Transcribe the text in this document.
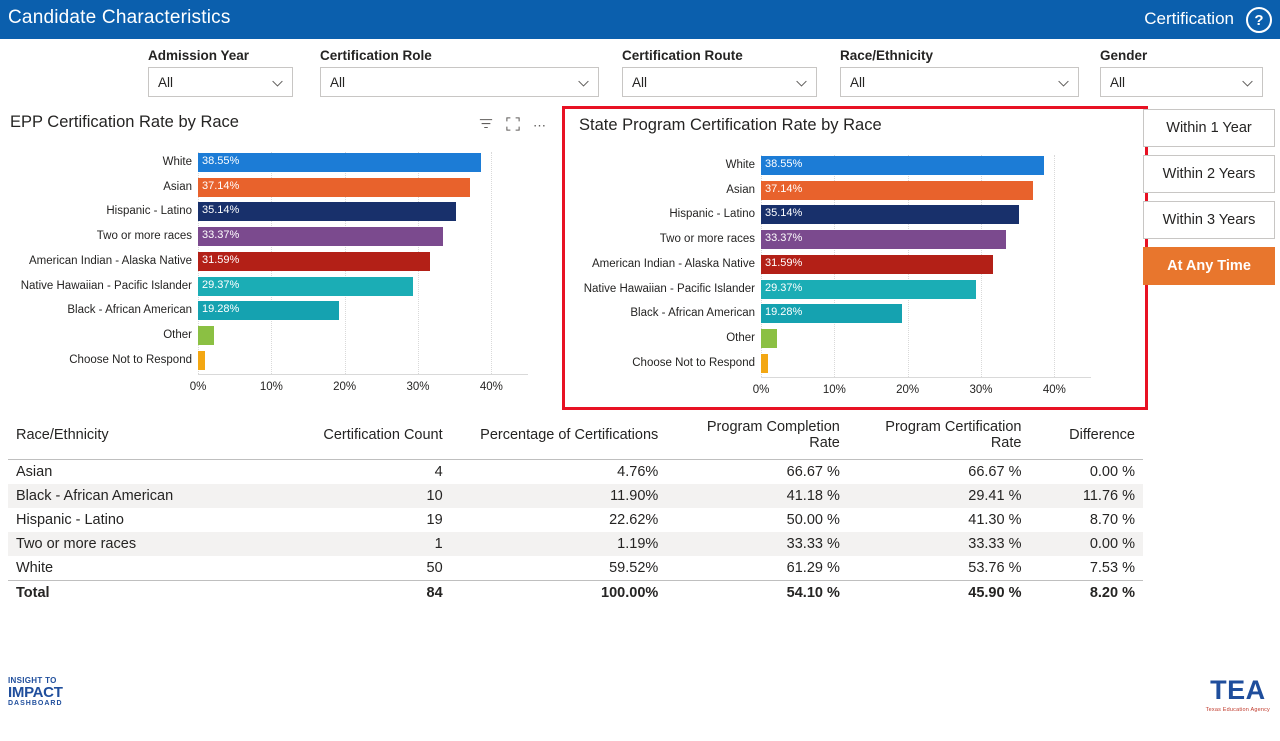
Candidate Characteristics	Certification	?
Admission Year
All
Certification Role
All
Certification Route
All
Race/Ethnicity
All
Gender
All
EPP Certification Rate by Race	⋯
White 38.55%
Asian 37.14%
Hispanic - Latino 35.14%
Two or more races 33.37%
American Indian - Alaska Native 31.59%
Native Hawaiian - Pacific Islander 29.37%
Black - African American 19.28%
Other
Choose Not to Respond
0%	10%	20%	30%	40%
State Program Certification Rate by Race
White 38.55%
Asian 37.14%
Hispanic - Latino 35.14%
Two or more races 33.37%
American Indian - Alaska Native 31.59%
Native Hawaiian - Pacific Islander 29.37%
Black - African American 19.28%
Other
Choose Not to Respond
0%	10%	20%	30%	40%
Within 1 Year
Within 2 Years
Within 3 Years
At Any Time
Race/Ethnicity	Certification Count	Percentage of Certifications	Program Completion Rate	Program Certification Rate	Difference
Asian	4	4.76%	66.67 %	66.67 %	0.00 %
Black - African American	10	11.90%	41.18 %	29.41 %	11.76 %
Hispanic - Latino	19	22.62%	50.00 %	41.30 %	8.70 %
Two or more races	1	1.19%	33.33 %	33.33 %	0.00 %
White	50	59.52%	61.29 %	53.76 %	7.53 %
Total	84	100.00%	54.10 %	45.90 %	8.20 %
INSIGHT TO
IMPACT
DASHBOARD	TEA
Texas Education Agency
